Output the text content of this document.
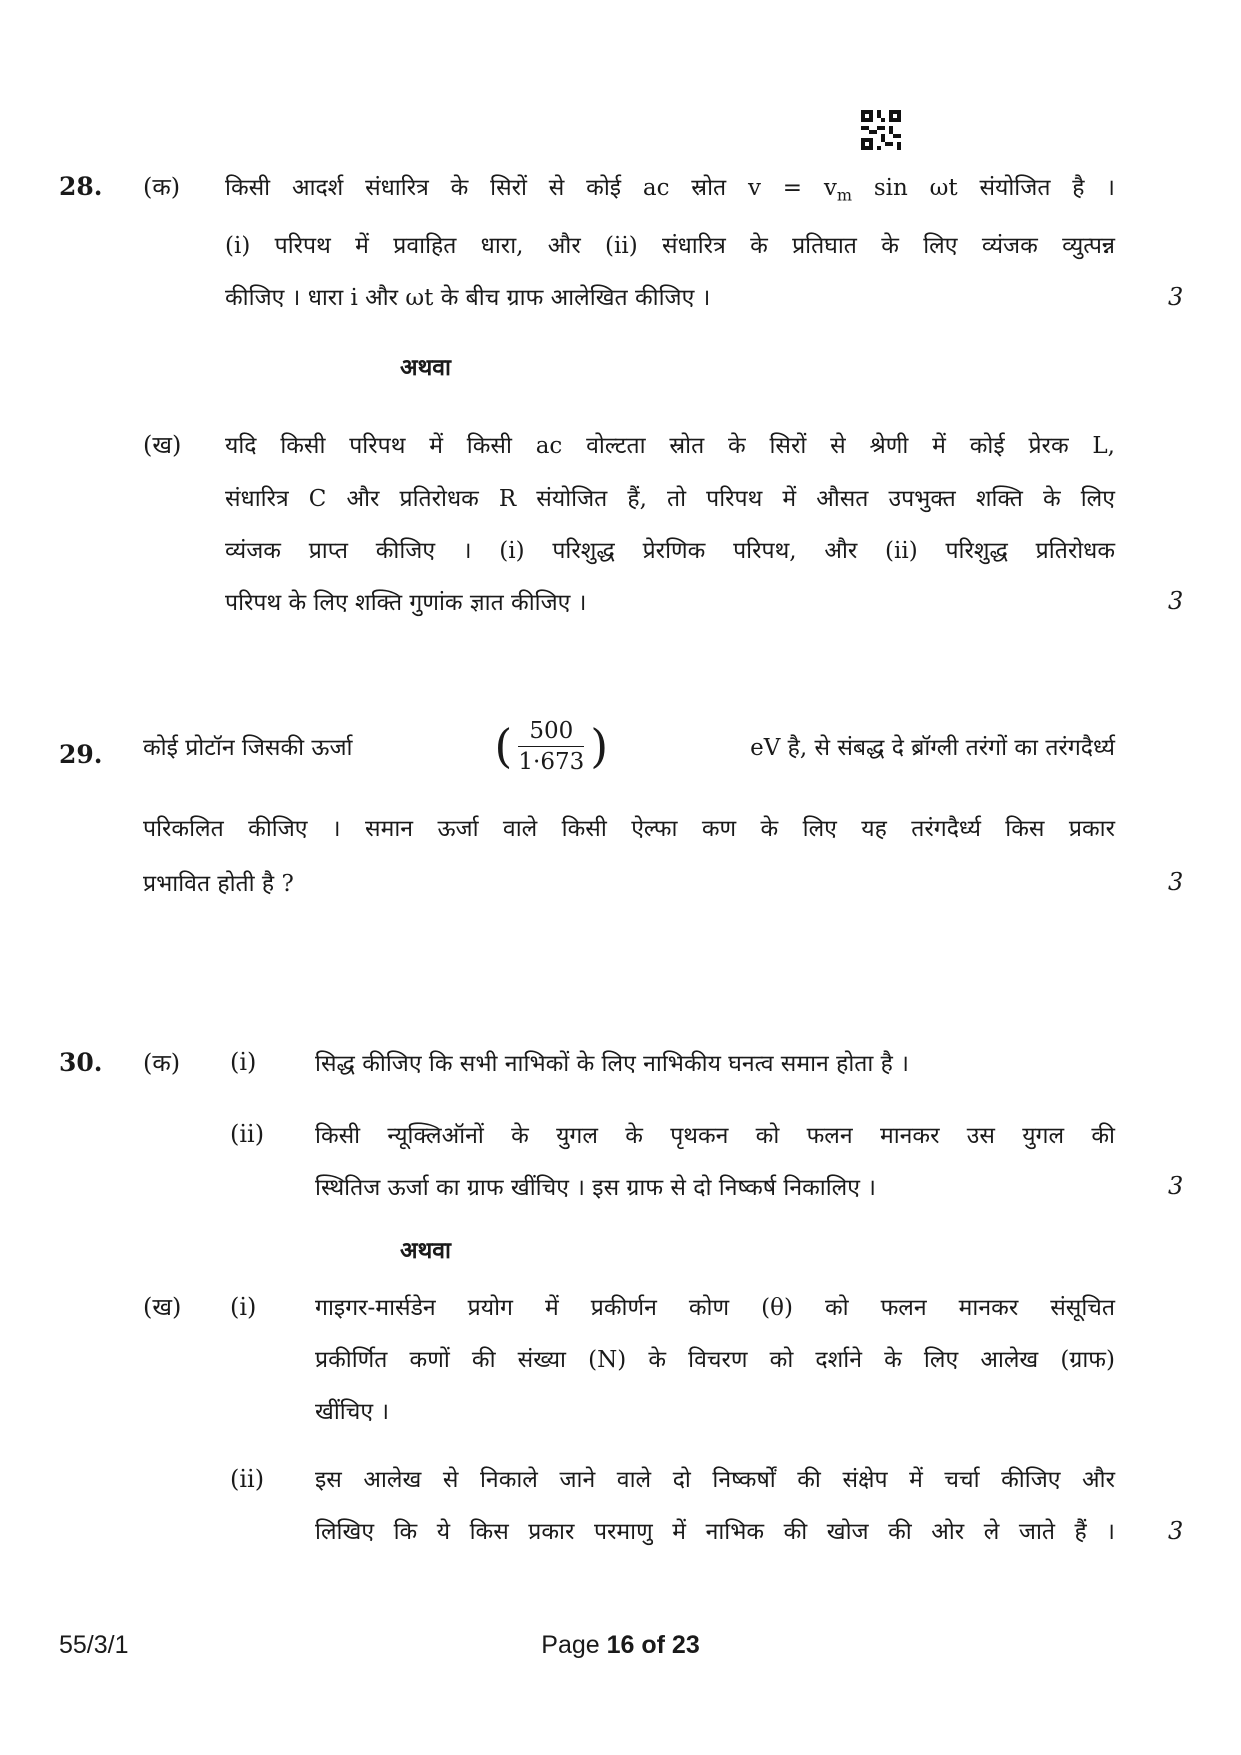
28. (क) किसी आदर्श संधारित्र के सिरों से कोई ac स्रोत $v = v_m$ sin ωt संयोजित है ।
(i) परिपथ में प्रवाहित धारा, और (ii) संधारित्र के प्रतिघात के लिए व्यंजक व्युत्पन्न
कीजिए । धारा i और ωt के बीच ग्राफ आलेखित कीजिए ।	3
अथवा
(ख) यदि किसी परिपथ में किसी ac वोल्टता स्रोत के सिरों से श्रेणी में कोई प्रेरक L,
संधारित्र C और प्रतिरोधक R संयोजित हैं, तो परिपथ में औसत उपभुक्त शक्ति के लिए
व्यंजक प्राप्त कीजिए । (i) परिशुद्ध प्रेरणिक परिपथ, और (ii) परिशुद्ध प्रतिरोधक
परिपथ के लिए शक्ति गुणांक ज्ञात कीजिए ।	3
29. कोई प्रोटॉन जिसकी ऊर्जा	( $\frac{500}{1\cdot 673}$ )	eV है, से संबद्ध दे ब्रॉग्ली तरंगों का तरंगदैर्ध्य
परिकलित कीजिए । समान ऊर्जा वाले किसी ऐल्फा कण के लिए यह तरंगदैर्ध्य किस प्रकार
प्रभावित होती है ?	3
30. (क) (i)	सिद्ध कीजिए कि सभी नाभिकों के लिए नाभिकीय घनत्व समान होता है ।
(ii) किसी न्यूक्लिऑनों के युगल के पृथकन को फलन मानकर उस युगल की
स्थितिज ऊर्जा का ग्राफ खींचिए । इस ग्राफ से दो निष्कर्ष निकालिए ।	3
अथवा
(ख) (i)	गाइगर-मार्सडेन प्रयोग में प्रकीर्णन कोण (θ) को फलन मानकर संसूचित
प्रकीर्णित कणों की संख्या (N) के विचरण को दर्शाने के लिए आलेख (ग्राफ)
खींचिए ।
(ii) इस आलेख से निकाले जाने वाले दो निष्कर्षों की संक्षेप में चर्चा कीजिए और
लिखिए कि ये किस प्रकार परमाणु में नाभिक की खोज की ओर ले जाते हैं । 3
55/3/1	Page 16 of 23
